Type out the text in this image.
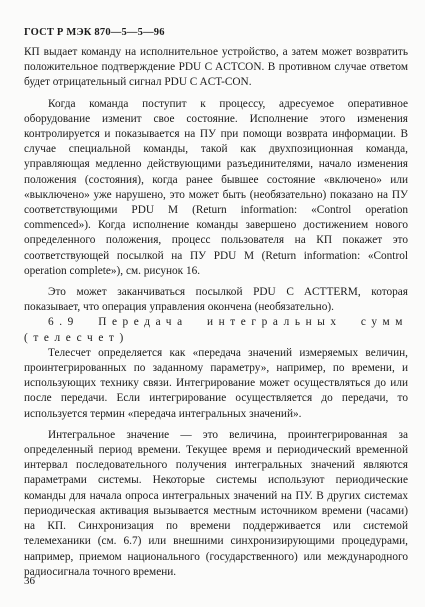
ГОСТ Р МЭК 870—5—5—96

КП выдает команду на исполнительное устройство, а затем может возвратить положительное подтверждение PDU C ACTCON. В противном случае ответом будет отрицательный сигнал PDU C ACT-CON.

Когда команда поступит к процессу, адресуемое оперативное оборудование изменит свое состояние. Исполнение этого изменения контролируется и показывается на ПУ при помощи возврата информации. В случае специальной команды, такой как двухпозиционная команда, управляющая медленно действующими разъединителями, начало изменения положения (состояния), когда ранее бывшее состояние «включено» или «выключено» уже нарушено, это может быть (необязательно) показано на ПУ соответствующими PDU M (Return information: «Control operation commenced»). Когда исполнение команды завершено достижением нового определенного положения, процесс пользователя на КП покажет это соответствующей посылкой на ПУ PDU M (Return information: «Control operation complete»), см. рисунок 16.

Это может заканчиваться посылкой PDU C ACTTERM, которая показывает, что операция управления окончена (необязательно).

6.9 Передача интегральных сумм (телесчет)

Телесчет определяется как «передача значений измеряемых величин, проинтегрированных по заданному параметру», например, по времени, и использующих технику связи. Интегрирование может осуществляться до или после передачи. Если интегрирование осуществляется до передачи, то используется термин «передача интегральных значений».

Интегральное значение — это величина, проинтегрированная за определенный период времени. Текущее время и периодический временной интервал последовательного получения интегральных значений являются параметрами системы. Некоторые системы используют периодические команды для начала опроса интегральных значений на ПУ. В других системах периодическая активация вызывается местным источником времени (часами) на КП. Синхронизация по времени поддерживается или системой телемеханики (см. 6.7) или внешними синхронизирующими процедурами, например, приемом национального (государственного) или международного радиосигнала точного времени.

36
